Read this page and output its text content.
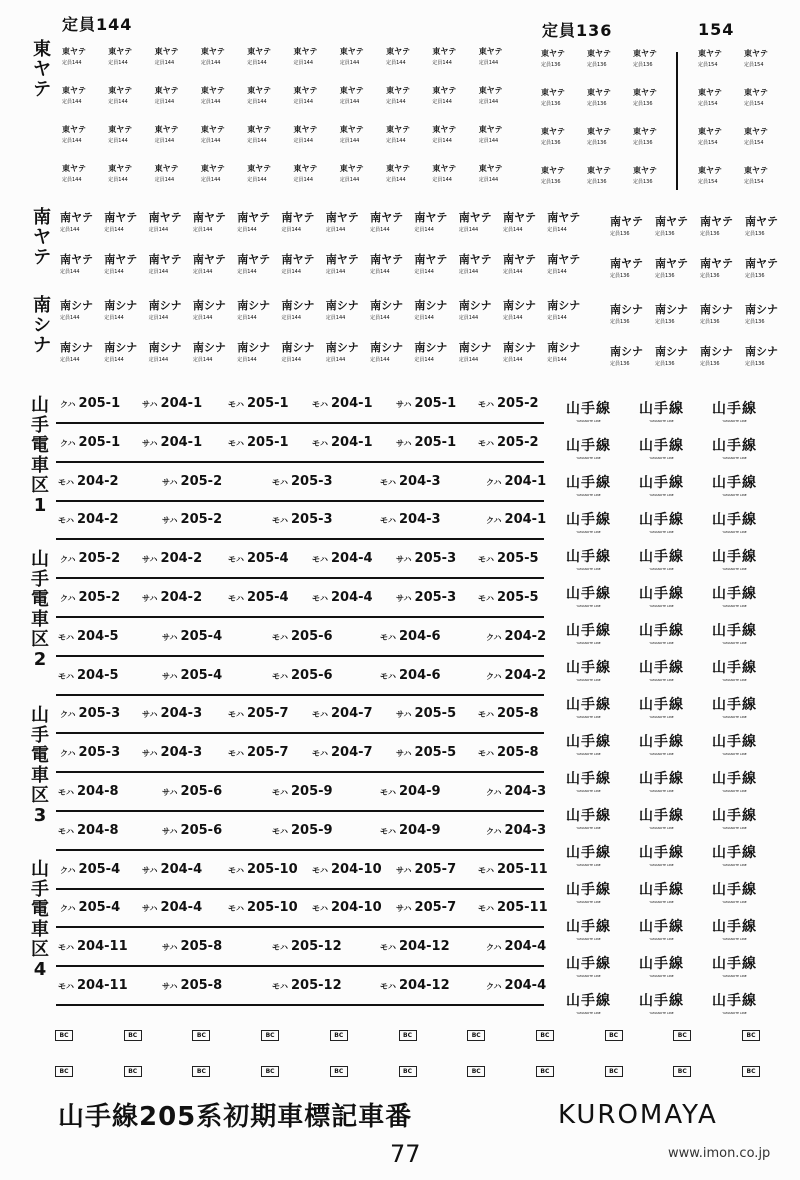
定員144	定員136	154
東ヤテ
南ヤテ
南シナ
山手電車区1
山手電車区2
山手電車区3
山手電車区4
東ヤテ
定員144
東ヤテ
定員144
東ヤテ
定員144
東ヤテ
定員144
東ヤテ
定員144
東ヤテ
定員144
東ヤテ
定員144
東ヤテ
定員144
東ヤテ
定員144
東ヤテ
定員144
東ヤテ
定員144
東ヤテ
定員144
東ヤテ
定員144
東ヤテ
定員144
東ヤテ
定員144
東ヤテ
定員144
東ヤテ
定員144
東ヤテ
定員144
東ヤテ
定員144
東ヤテ
定員144
東ヤテ
定員144
東ヤテ
定員144
東ヤテ
定員144
東ヤテ
定員144
東ヤテ
定員144
東ヤテ
定員144
東ヤテ
定員144
東ヤテ
定員144
東ヤテ
定員144
東ヤテ
定員144
東ヤテ
定員144
東ヤテ
定員144
東ヤテ
定員144
東ヤテ
定員144
東ヤテ
定員144
東ヤテ
定員144
東ヤテ
定員144
東ヤテ
定員144
東ヤテ
定員144
東ヤテ
定員144
東ヤテ
定員136
東ヤテ
定員136
東ヤテ
定員136
東ヤテ
定員136
東ヤテ
定員136
東ヤテ
定員136
東ヤテ
定員136
東ヤテ
定員136
東ヤテ
定員136
東ヤテ
定員136
東ヤテ
定員136
東ヤテ
定員136
東ヤテ
定員154
東ヤテ
定員154
東ヤテ
定員154
東ヤテ
定員154
東ヤテ
定員154
東ヤテ
定員154
東ヤテ
定員154
東ヤテ
定員154
南ヤテ
定員144
南ヤテ
定員144
南ヤテ
定員144
南ヤテ
定員144
南ヤテ
定員144
南ヤテ
定員144
南ヤテ
定員144
南ヤテ
定員144
南ヤテ
定員144
南ヤテ
定員144
南ヤテ
定員144
南ヤテ
定員144
南ヤテ
定員144
南ヤテ
定員144
南ヤテ
定員144
南ヤテ
定員144
南ヤテ
定員144
南ヤテ
定員144
南ヤテ
定員144
南ヤテ
定員144
南ヤテ
定員144
南ヤテ
定員144
南ヤテ
定員144
南ヤテ
定員144
南ヤテ
定員136
南ヤテ
定員136
南ヤテ
定員136
南ヤテ
定員136
南ヤテ
定員136
南ヤテ
定員136
南ヤテ
定員136
南ヤテ
定員136
南シナ
定員144
南シナ
定員144
南シナ
定員144
南シナ
定員144
南シナ
定員144
南シナ
定員144
南シナ
定員144
南シナ
定員144
南シナ
定員144
南シナ
定員144
南シナ
定員144
南シナ
定員144
南シナ
定員144
南シナ
定員144
南シナ
定員144
南シナ
定員144
南シナ
定員144
南シナ
定員144
南シナ
定員144
南シナ
定員144
南シナ
定員144
南シナ
定員144
南シナ
定員144
南シナ
定員144
南シナ
定員136
南シナ
定員136
南シナ
定員136
南シナ
定員136
南シナ
定員136
南シナ
定員136
南シナ
定員136
南シナ
定員136
クハ 205-1	サハ 204-1	モハ 205-1	モハ 204-1	サハ 205-1	モハ 205-2
クハ 205-1	サハ 204-1	モハ 205-1	モハ 204-1	サハ 205-1	モハ 205-2
モハ 204-2	サハ 205-2	モハ 205-3	モハ 204-3	クハ 204-1
モハ 204-2	サハ 205-2	モハ 205-3	モハ 204-3	クハ 204-1
クハ 205-2	サハ 204-2	モハ 205-4	モハ 204-4	サハ 205-3	モハ 205-5
クハ 205-2	サハ 204-2	モハ 205-4	モハ 204-4	サハ 205-3	モハ 205-5
モハ 204-5	サハ 205-4	モハ 205-6	モハ 204-6	クハ 204-2
モハ 204-5	サハ 205-4	モハ 205-6	モハ 204-6	クハ 204-2
クハ 205-3	サハ 204-3	モハ 205-7	モハ 204-7	サハ 205-5	モハ 205-8
クハ 205-3	サハ 204-3	モハ 205-7	モハ 204-7	サハ 205-5	モハ 205-8
モハ 204-8	サハ 205-6	モハ 205-9	モハ 204-9	クハ 204-3
モハ 204-8	サハ 205-6	モハ 205-9	モハ 204-9	クハ 204-3
クハ 205-4	サハ 204-4	モハ 205-10 モハ 204-10 サハ 205-7	モハ 205-11
クハ 205-4	サハ 204-4	モハ 205-10 モハ 204-10 サハ 205-7	モハ 205-11
モハ 204-11	サハ 205-8	モハ 205-12	モハ 204-12	クハ 204-4
モハ 204-11	サハ 205-8	モハ 205-12	モハ 204-12	クハ 204-4
山手線
YAMANOTE LINE
山手線
YAMANOTE LINE
山手線
YAMANOTE LINE
山手線
YAMANOTE LINE
山手線
YAMANOTE LINE
山手線
YAMANOTE LINE
山手線
YAMANOTE LINE
山手線
YAMANOTE LINE
山手線
YAMANOTE LINE
山手線
YAMANOTE LINE
山手線
YAMANOTE LINE
山手線
YAMANOTE LINE
山手線
YAMANOTE LINE
山手線
YAMANOTE LINE
山手線
YAMANOTE LINE
山手線
YAMANOTE LINE
山手線
YAMANOTE LINE
山手線
YAMANOTE LINE
山手線
YAMANOTE LINE
山手線
YAMANOTE LINE
山手線
YAMANOTE LINE
山手線
YAMANOTE LINE
山手線
YAMANOTE LINE
山手線
YAMANOTE LINE
山手線
YAMANOTE LINE
山手線
YAMANOTE LINE
山手線
YAMANOTE LINE
山手線
YAMANOTE LINE
山手線
YAMANOTE LINE
山手線
YAMANOTE LINE
山手線
YAMANOTE LINE
山手線
YAMANOTE LINE
山手線
YAMANOTE LINE
山手線
YAMANOTE LINE
山手線
YAMANOTE LINE
山手線
YAMANOTE LINE
山手線
YAMANOTE LINE
山手線
YAMANOTE LINE
山手線
YAMANOTE LINE
山手線
YAMANOTE LINE
山手線
YAMANOTE LINE
山手線
YAMANOTE LINE
山手線
YAMANOTE LINE
山手線
YAMANOTE LINE
山手線
YAMANOTE LINE
山手線
YAMANOTE LINE
山手線
YAMANOTE LINE
山手線
YAMANOTE LINE
山手線
YAMANOTE LINE
山手線
YAMANOTE LINE
山手線
YAMANOTE LINE
BC	BC	BC	BC	BC	BC	BC	BC	BC	BC	BC
BC	BC	BC	BC	BC	BC	BC	BC	BC	BC	BC
山手線205系初期車標記車番	KUROMAYA
77	www.imon.co.jp
